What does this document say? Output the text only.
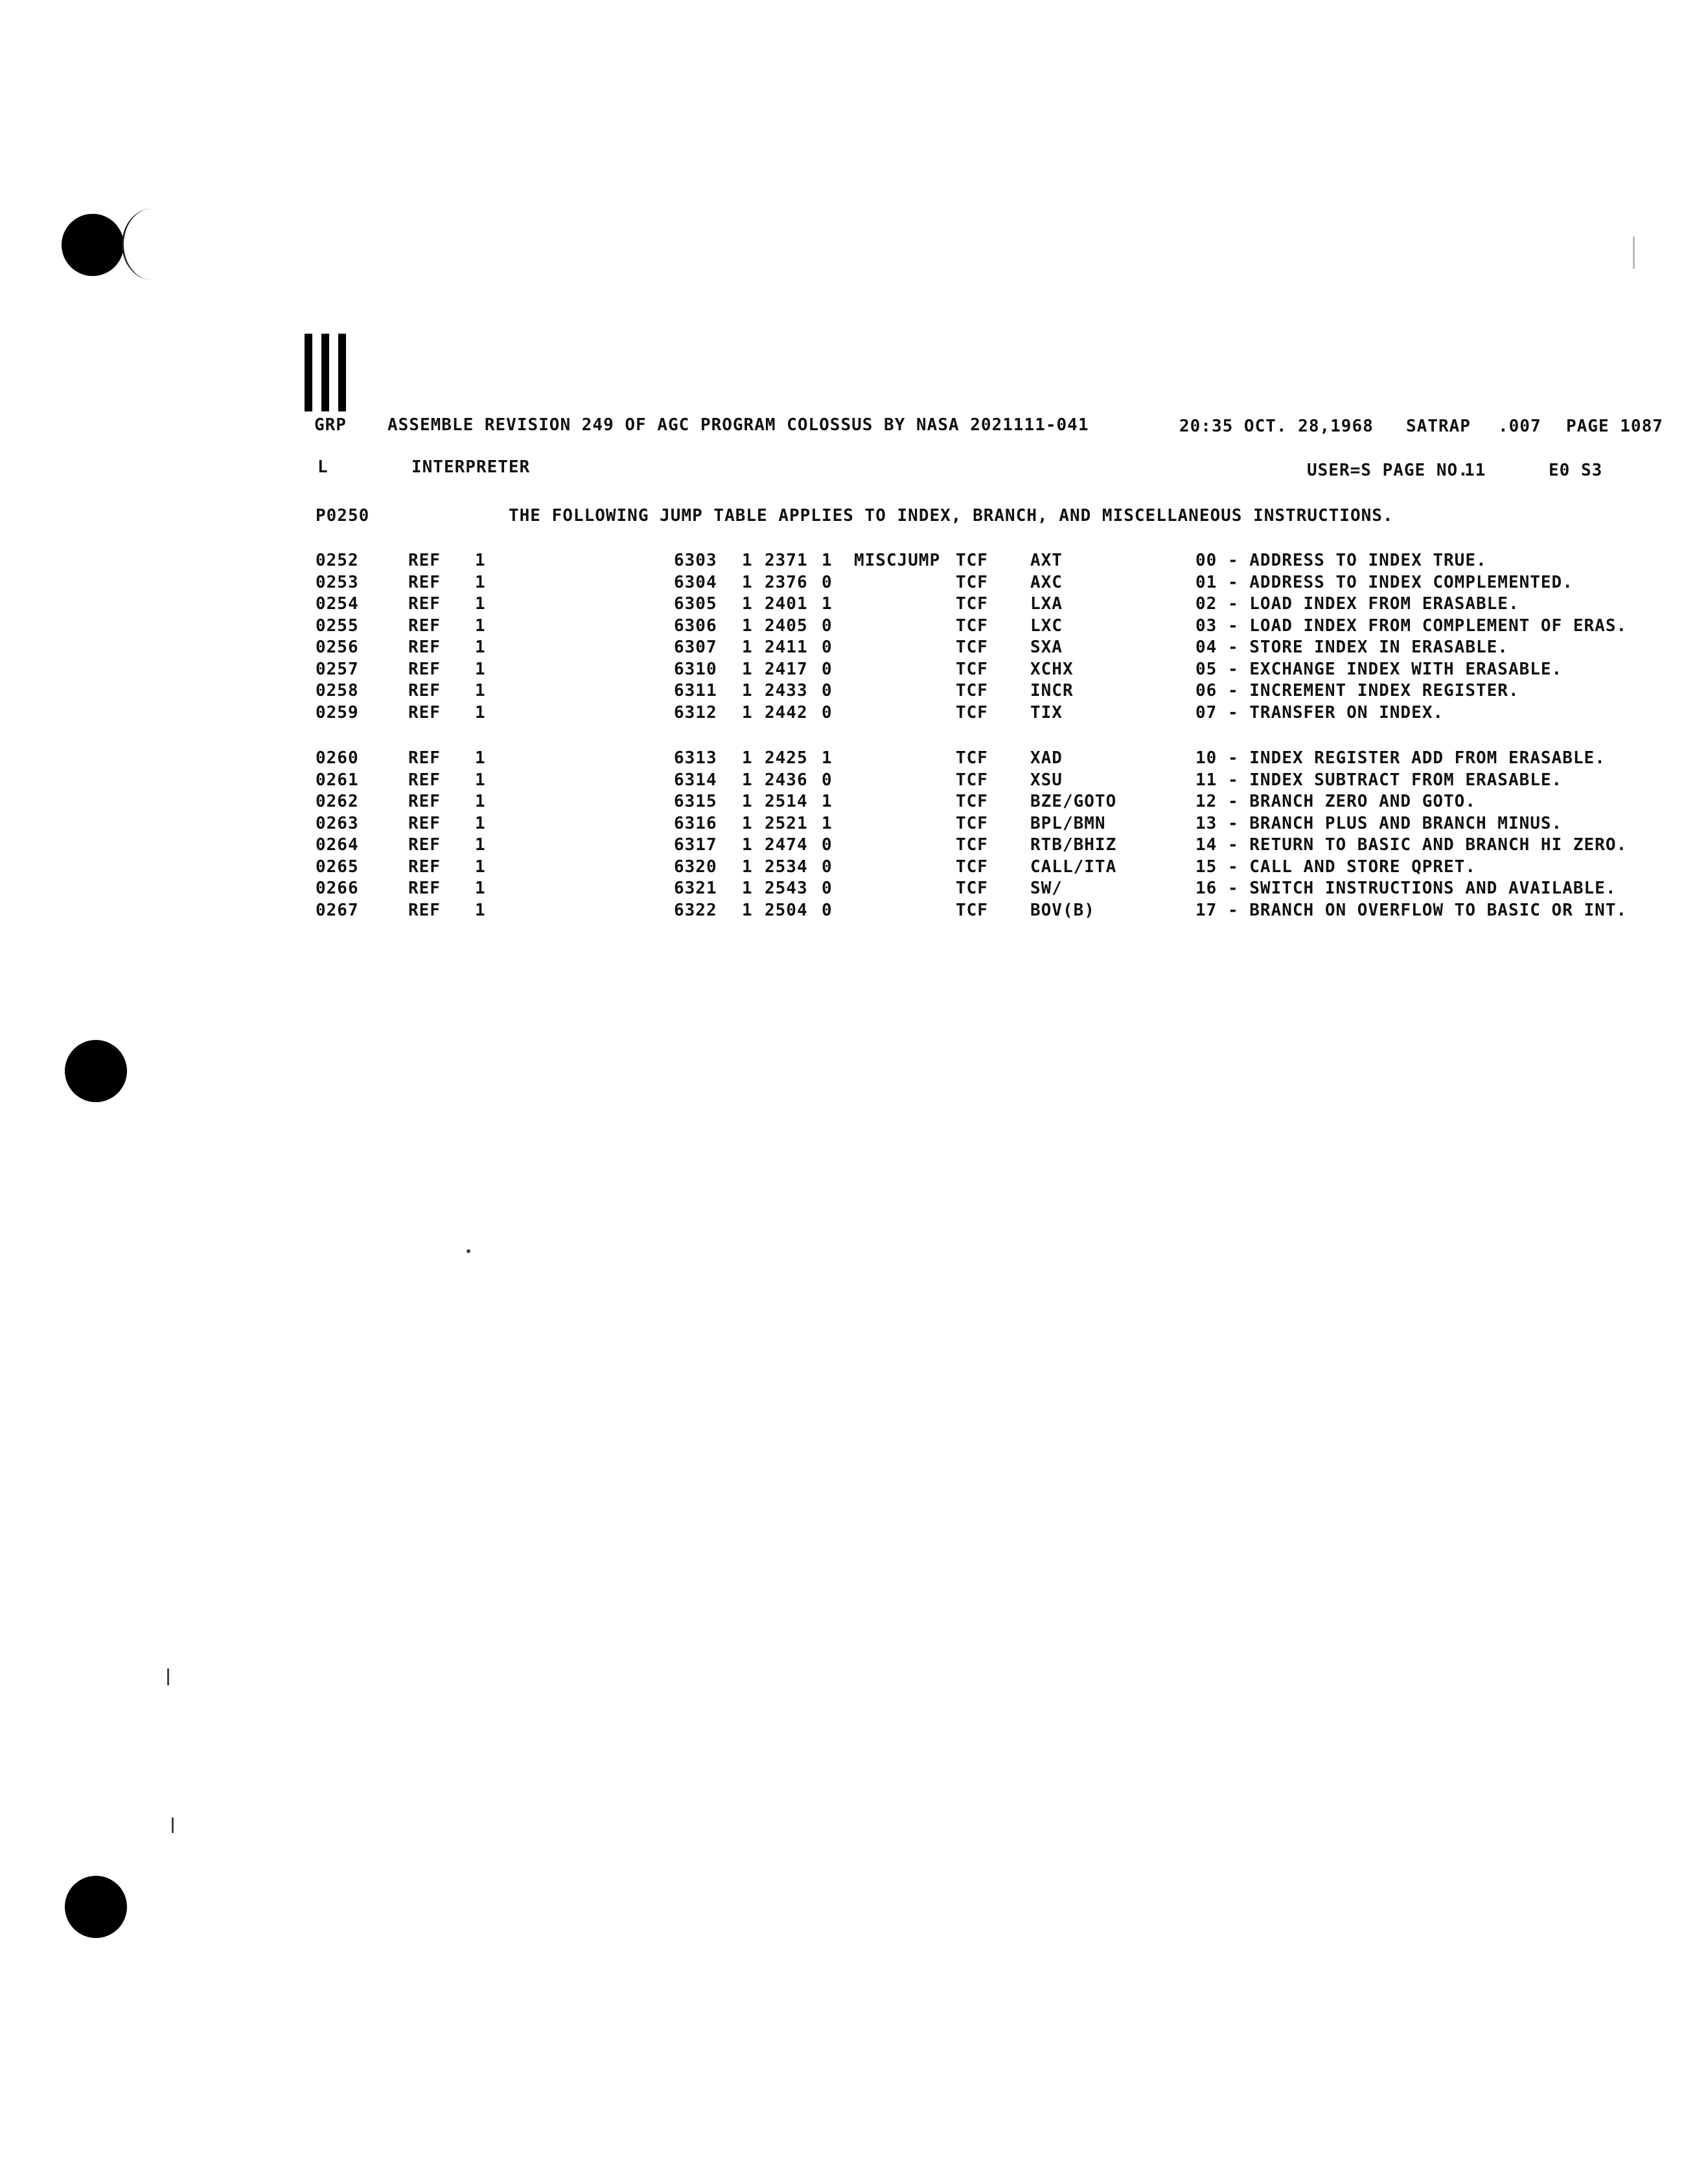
GRP ASSEMBLE REVISION 249 OF AGC PROGRAM COLOSSUS BY NASA 2021111-041	20:35 OCT. 28,1968 SATRAP .007 PAGE 1087
L	INTERPRETER	USER=S PAGE NO.
11	E0 S3
P0250	THE FOLLOWING JUMP TABLE APPLIES TO INDEX, BRANCH, AND MISCELLANEOUS INSTRUCTIONS.
0252	REF 1	6303 1 2371 1 MISCJUMP TCF	AXT	00 - ADDRESS TO INDEX TRUE.
0253	REF 1	6304 1 2376 0	TCF	AXC	01 - ADDRESS TO INDEX COMPLEMENTED.
0254	REF 1	6305 1 2401 1	TCF	LXA	02 - LOAD INDEX FROM ERASABLE.
0255	REF 1	6306 1 2405 0	TCF	LXC	03 - LOAD INDEX FROM COMPLEMENT OF ERAS.
0256	REF 1	6307 1 2411 0	TCF	SXA	04 - STORE INDEX IN ERASABLE.
0257	REF 1	6310 1 2417 0	TCF	XCHX	05 - EXCHANGE INDEX WITH ERASABLE.
0258	REF 1	6311 1 2433 0	TCF	INCR	06 - INCREMENT INDEX REGISTER.
0259	REF 1	6312 1 2442 0	TCF	TIX	07 - TRANSFER ON INDEX.
0260	REF 1	6313 1 2425 1	TCF	XAD	10 - INDEX REGISTER ADD FROM ERASABLE.
0261	REF 1	6314 1 2436 0	TCF	XSU	11 - INDEX SUBTRACT FROM ERASABLE.
0262	REF 1	6315 1 2514 1	TCF	BZE/GOTO	12 - BRANCH ZERO AND GOTO.
0263	REF 1	6316 1 2521 1	TCF	BPL/BMN	13 - BRANCH PLUS AND BRANCH MINUS.
0264	REF 1	6317 1 2474 0	TCF	RTB/BHIZ	14 - RETURN TO BASIC AND BRANCH HI ZERO.
0265	REF 1	6320 1 2534 0	TCF	CALL/ITA	15 - CALL AND STORE QPRET.
0266	REF 1	6321 1 2543 0	TCF	SW/	16 - SWITCH INSTRUCTIONS AND AVAILABLE.
0267	REF 1	6322 1 2504 0	TCF	BOV(B)	17 - BRANCH ON OVERFLOW TO BASIC OR INT.
